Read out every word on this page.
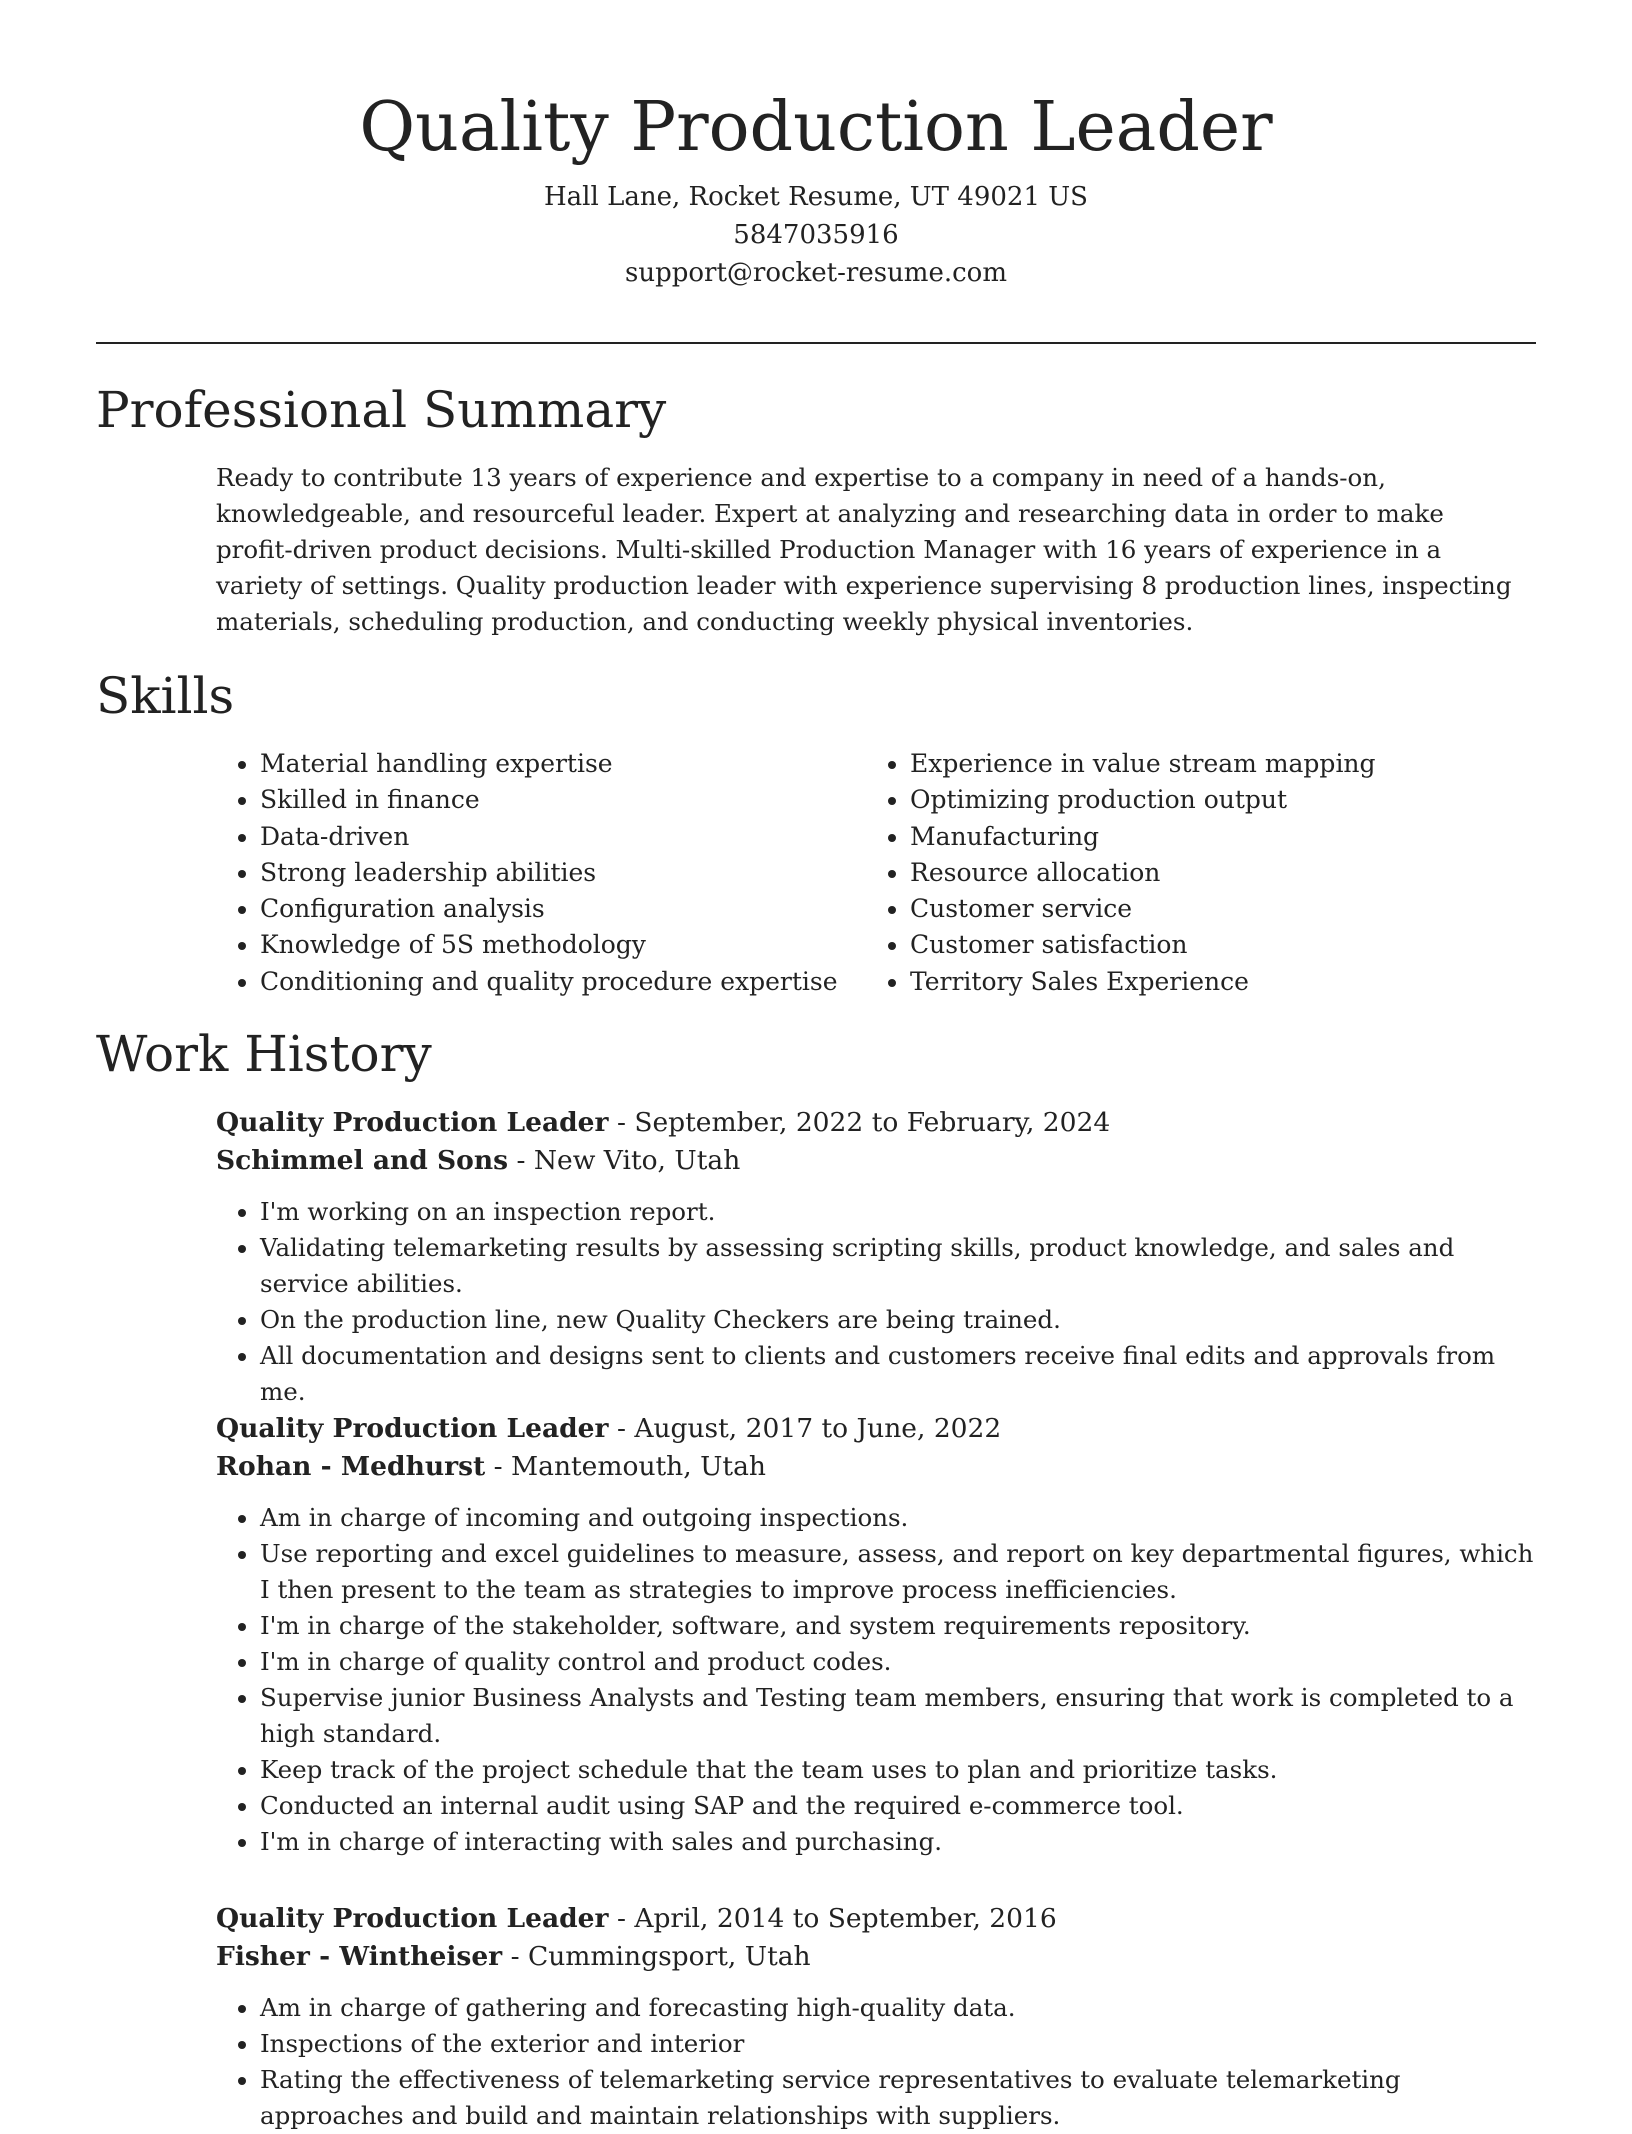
Quality Production Leader

Hall Lane, Rocket Resume, UT 49021 US

5847035916

support@rocket-resume.com

Professional Summary

Ready to contribute 13 years of experience and expertise to a company in need of a hands-on, knowledgeable, and resourceful leader. Expert at analyzing and researching data in order to make profit-driven product decisions. Multi-skilled Production Manager with 16 years of experience in a variety of settings. Quality production leader with experience supervising 8 production lines, inspecting materials, scheduling production, and conducting weekly physical inventories.

Skills
• Material handling expertise
• Skilled in finance
• Data-driven
• Strong leadership abilities
• Configuration analysis
• Knowledge of 5S methodology
• Conditioning and quality procedure expertise
• Experience in value stream mapping
• Optimizing production output
• Manufacturing
• Resource allocation
• Customer service
• Customer satisfaction
• Territory Sales Experience
Work History

Quality Production Leader - September, 2022 to February, 2024

Schimmel and Sons - New Vito, Utah

• I'm working on an inspection report.
• Validating telemarketing results by assessing scripting skills, product knowledge, and sales and service abilities.
• On the production line, new Quality Checkers are being trained.
• All documentation and designs sent to clients and customers receive final edits and approvals from me.

Quality Production Leader - August, 2017 to June, 2022

Rohan - Medhurst - Mantemouth, Utah

• Am in charge of incoming and outgoing inspections.
• Use reporting and excel guidelines to measure, assess, and report on key departmental figures, which I then present to the team as strategies to improve process inefficiencies.
• I'm in charge of the stakeholder, software, and system requirements repository.
• I'm in charge of quality control and product codes.
• Supervise junior Business Analysts and Testing team members, ensuring that work is completed to a high standard.
• Keep track of the project schedule that the team uses to plan and prioritize tasks.
• Conducted an internal audit using SAP and the required e-commerce tool.
• I'm in charge of interacting with sales and purchasing.

Quality Production Leader - April, 2014 to September, 2016

Fisher - Wintheiser - Cummingsport, Utah

• Am in charge of gathering and forecasting high-quality data.
• Inspections of the exterior and interior
• Rating the effectiveness of telemarketing service representatives to evaluate telemarketing approaches and build and maintain relationships with suppliers.
